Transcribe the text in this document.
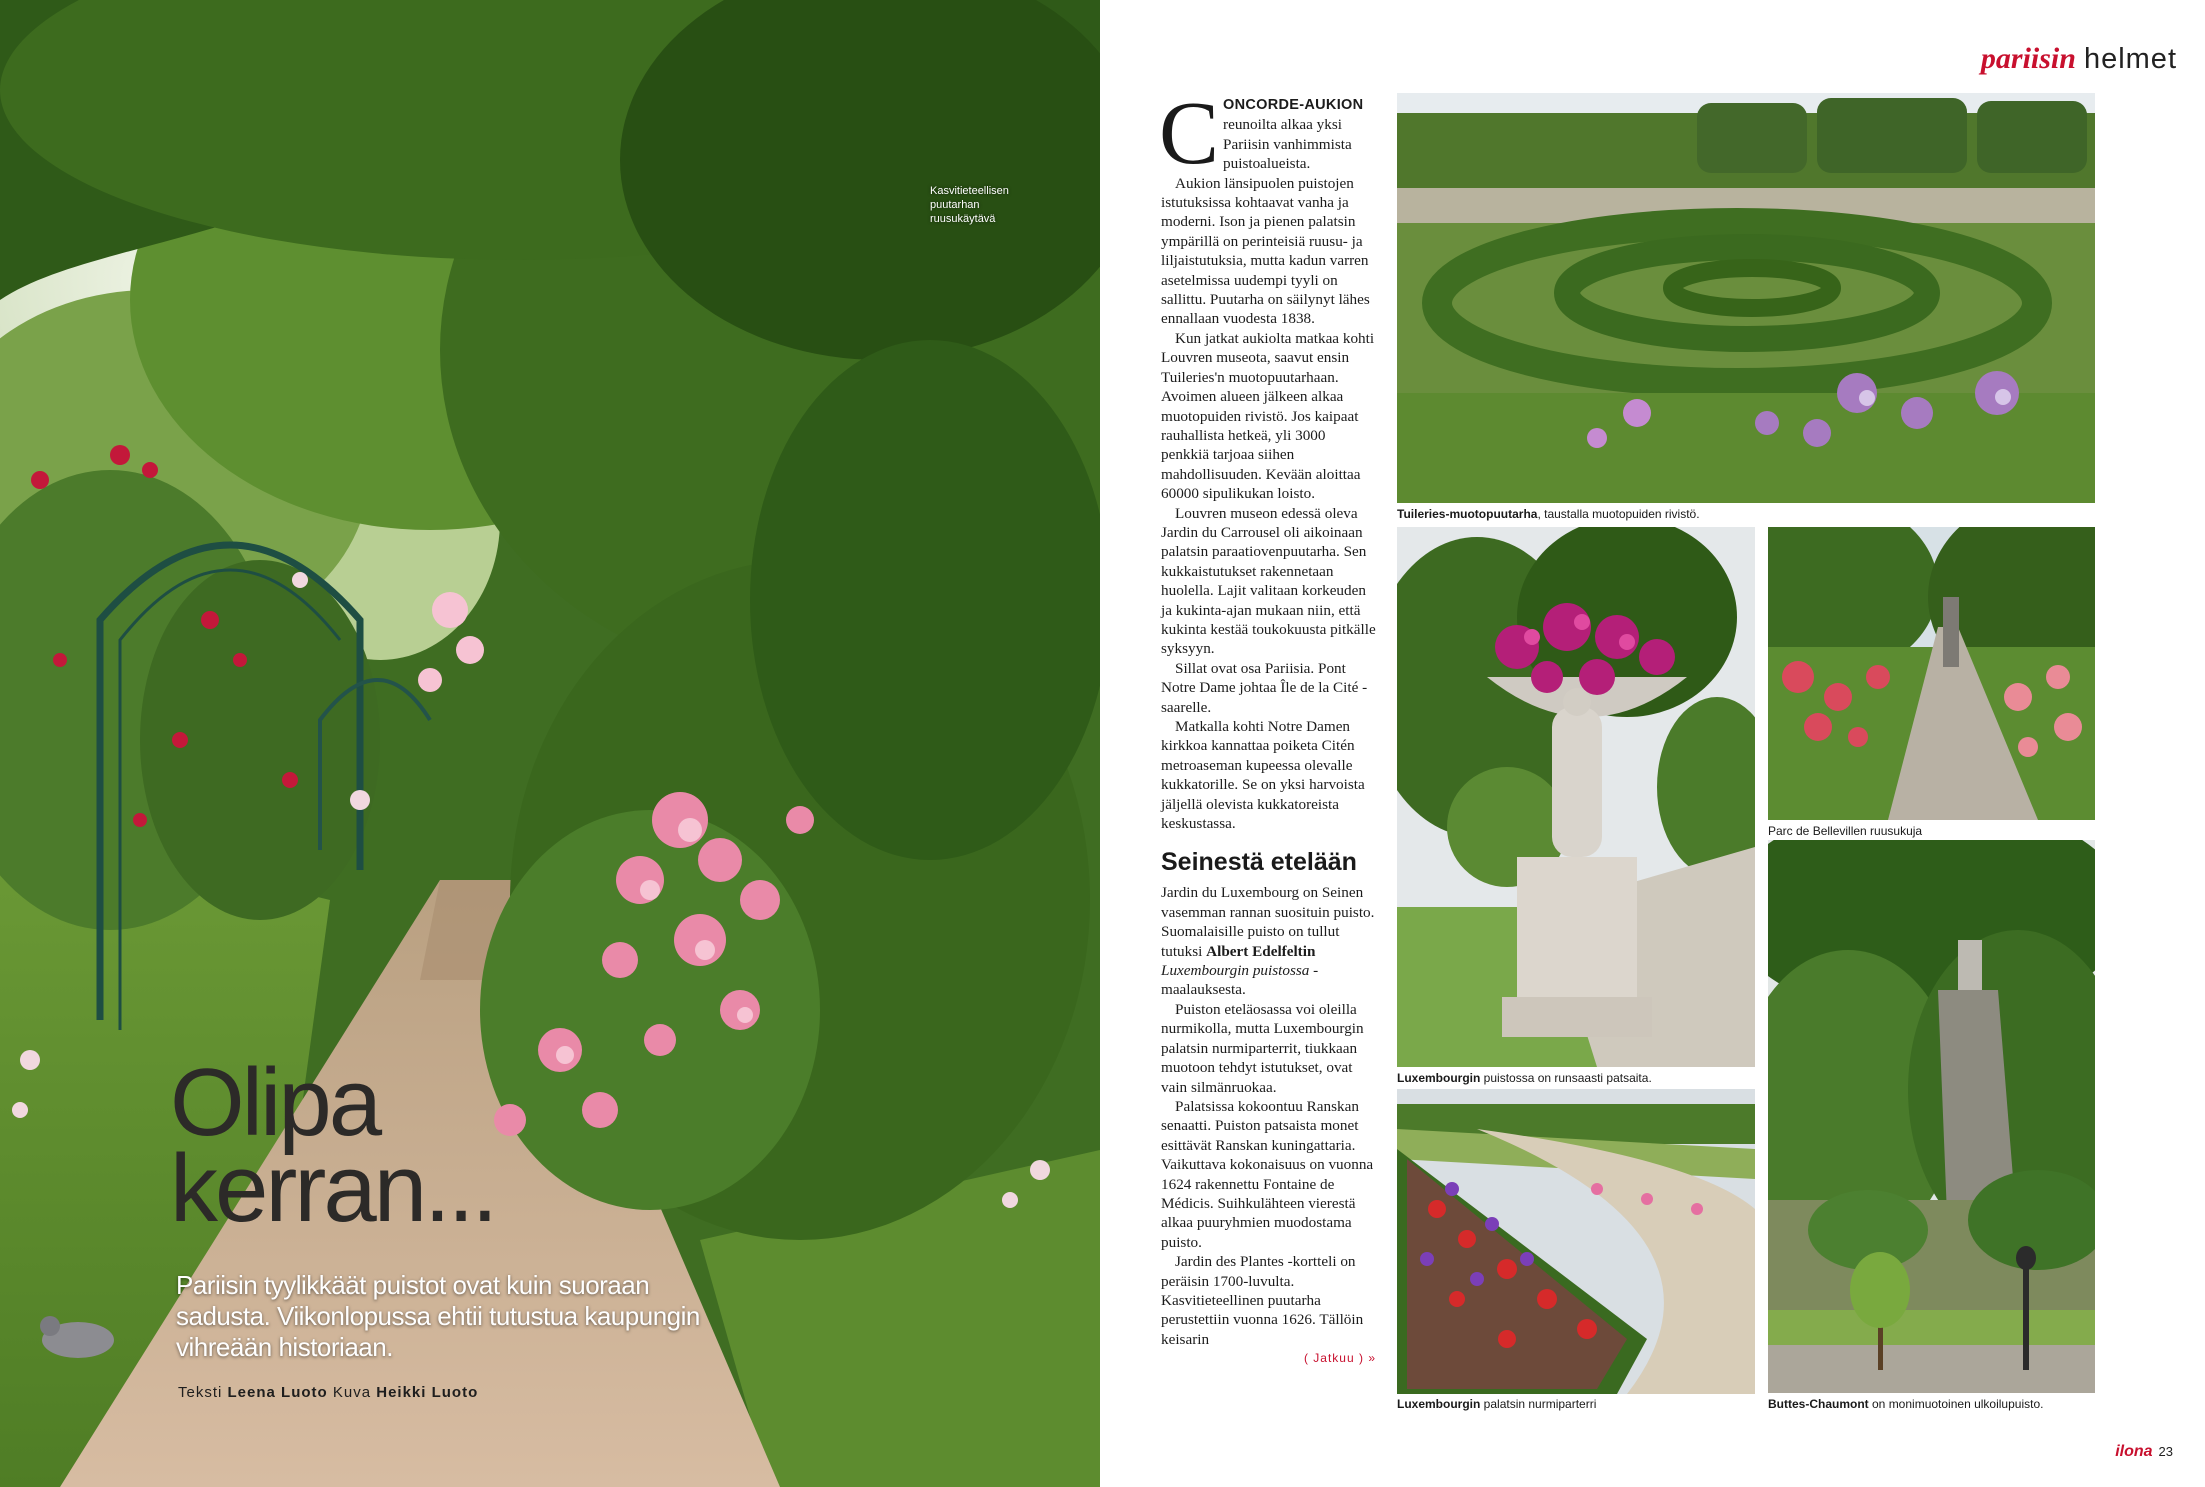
Kasvitieteellisen puutarhan ruusukäytävä
Olipa
kerran...
Pariisin tyylikkäät puistot ovat kuin suoraan sadusta. Viikonlopussa ehtii tutustua kaupungin vihreään historiaan.
Teksti Leena Luoto Kuva Heikki Luoto
pariisin helmet

CONCORDE-AUKION reunoilta alkaa yksi Pariisin vanhimmista puistoalueista.

Aukion länsipuolen puistojen istutuksissa kohtaavat vanha ja moderni. Ison ja pienen palatsin ympärillä on perinteisiä ruusu- ja liljaistutuksia, mutta kadun varren asetelmissa uudempi tyyli on sallittu. Puutarha on säilynyt lähes ennallaan vuodesta 1838.

Kun jatkat aukiolta matkaa kohti Louvren museota, saavut ensin Tuileries'n muotopuutarhaan. Avoimen alueen jälkeen alkaa muotopuiden rivistö. Jos kaipaat rauhallista hetkeä, yli 3000 penkkiä tarjoaa siihen mahdollisuuden. Kevään aloittaa 60000 sipulikukan loisto.

Louvren museon edessä oleva Jardin du Carrousel oli aikoinaan palatsin paraatiovenpuutarha. Sen kukkaistutukset rakennetaan huolella. Lajit valitaan korkeuden ja kukinta-ajan mukaan niin, että kukinta kestää toukokuusta pitkälle syksyyn.

Sillat ovat osa Pariisia. Pont Notre Dame johtaa Île de la Cité -saarelle.

Matkalla kohti Notre Damen kirkkoa kannattaa poiketa Citén metroaseman kupeessa olevalle kukkatorille. Se on yksi harvoista jäljellä olevista kukkatoreista keskustassa.

Seinestä etelään

Jardin du Luxembourg on Seinen vasemman rannan suosituin puisto. Suomalaisille puisto on tullut tutuksi Albert Edelfeltin Luxembourgin puistossa -maalauksesta.

Puiston eteläosassa voi oleilla nurmikolla, mutta Luxembourgin palatsin nurmiparterrit, tiukkaan muotoon tehdyt istutukset, ovat vain silmänruokaa.

Palatsissa kokoontuu Ranskan senaatti. Puiston patsaista monet esittävät Ranskan kuningattaria. Vaikuttava kokonaisuus on vuonna 1624 rakennettu Fontaine de Médicis. Suihkulähteen vierestä alkaa puuryhmien muodostama puisto.

Jardin des Plantes -kortteli on peräisin 1700-luvulta. Kasvitieteellinen puutarha perustettiin vuonna 1626. Tällöin keisarin

( Jatkuu ) »
Tuileries-muotopuutarha, taustalla muotopuiden rivistö.
Luxembourgin puistossa on runsaasti patsaita.
Parc de Bellevillen ruusukuja
Luxembourgin palatsin nurmiparterri	Buttes-Chaumont on monimuotoinen ulkoilupuisto.
ilona 23
